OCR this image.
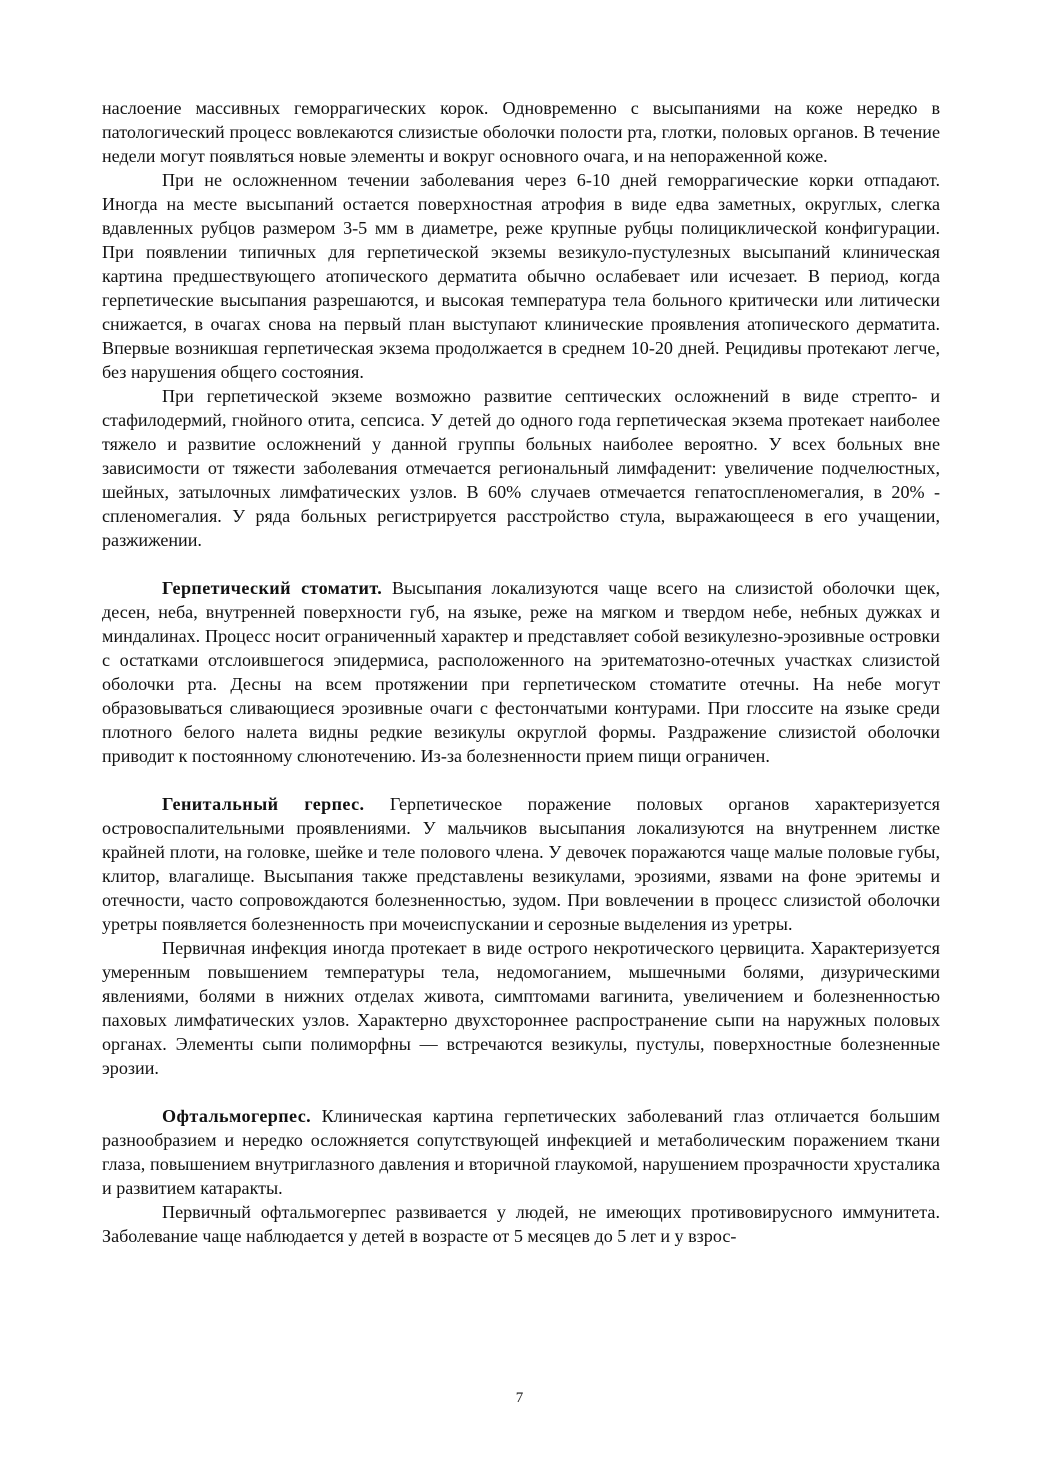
наслоение массивных геморрагических корок. Одновременно с высыпаниями на коже нередко в патологический процесс вовлекаются слизистые оболочки полости рта, глотки, половых органов. В течение недели могут появляться новые элементы и вокруг основного очага, и на непораженной коже.

При не осложненном течении заболевания через 6-10 дней геморрагические корки отпадают. Иногда на месте высыпаний остается поверхностная атрофия в виде едва заметных, округлых, слегка вдавленных рубцов размером 3-5 мм в диаметре, реже крупные рубцы полициклической конфигурации. При появлении типичных для герпетической экземы везикуло-пустулезных высыпаний клиническая картина предшествующего атопического дерматита обычно ослабевает или исчезает. В период, когда герпетические высыпания разрешаются, и высокая температура тела больного критически или литически снижается, в очагах снова на первый план выступают клинические проявления атопического дерматита. Впервые возникшая герпетическая экзема продолжается в среднем 10-20 дней. Рецидивы протекают легче, без нарушения общего состояния.

При герпетической экземе возможно развитие септических осложнений в виде стрепто- и стафилодермий, гнойного отита, сепсиса. У детей до одного года герпетическая экзема протекает наиболее тяжело и развитие осложнений у данной группы больных наиболее вероятно. У всех больных вне зависимости от тяжести заболевания отмечается региональный лимфаденит: увеличение подчелюстных, шейных, затылочных лимфатических узлов. В 60% случаев отмечается гепатоспленомегалия, в 20% - спленомегалия. У ряда больных регистрируется расстройство стула, выражающееся в его учащении, разжижении.

Герпетический стоматит. Высыпания локализуются чаще всего на слизистой оболочки щек, десен, неба, внутренней поверхности губ, на языке, реже на мягком и твердом небе, небных дужках и миндалинах. Процесс носит ограниченный характер и представляет собой везикулезно-эрозивные островки с остатками отслоившегося эпидермиса, расположенного на эритематозно-отечных участках слизистой оболочки рта. Десны на всем протяжении при герпетическом стоматите отечны. На небе могут образовываться сливающиеся эрозивные очаги с фестончатыми контурами. При глоссите на языке среди плотного белого налета видны редкие везикулы округлой формы. Раздражение слизистой оболочки приводит к постоянному слюнотечению. Из-за болезненности прием пищи ограничен.

Генитальный герпес. Герпетическое поражение половых органов характеризуется островоспалительными проявлениями. У мальчиков высыпания локализуются на внутреннем листке крайней плоти, на головке, шейке и теле полового члена. У девочек поражаются чаще малые половые губы, клитор, влагалище. Высыпания также представлены везикулами, эрозиями, язвами на фоне эритемы и отечности, часто сопровождаются болезненностью, зудом. При вовлечении в процесс слизистой оболочки уретры появляется болезненность при мочеиспускании и серозные выделения из уретры.

Первичная инфекция иногда протекает в виде острого некротического цервицита. Характеризуется умеренным повышением температуры тела, недомоганием, мышечными болями, дизурическими явлениями, болями в нижних отделах живота, симптомами вагинита, увеличением и болезненностью паховых лимфатических узлов. Характерно двухстороннее распространение сыпи на наружных половых органах. Элементы сыпи полиморфны — встречаются везикулы, пустулы, поверхностные болезненные эрозии.

Офтальмогерпес. Клиническая картина герпетических заболеваний глаз отличается большим разнообразием и нередко осложняется сопутствующей инфекцией и метаболическим поражением ткани глаза, повышением внутриглазного давления и вторичной глаукомой, нарушением прозрачности хрусталика и развитием катаракты.

Первичный офтальмогерпес развивается у людей, не имеющих противовирусного иммунитета. Заболевание чаще наблюдается у детей в возрасте от 5 месяцев до 5 лет и у взрос-

7
